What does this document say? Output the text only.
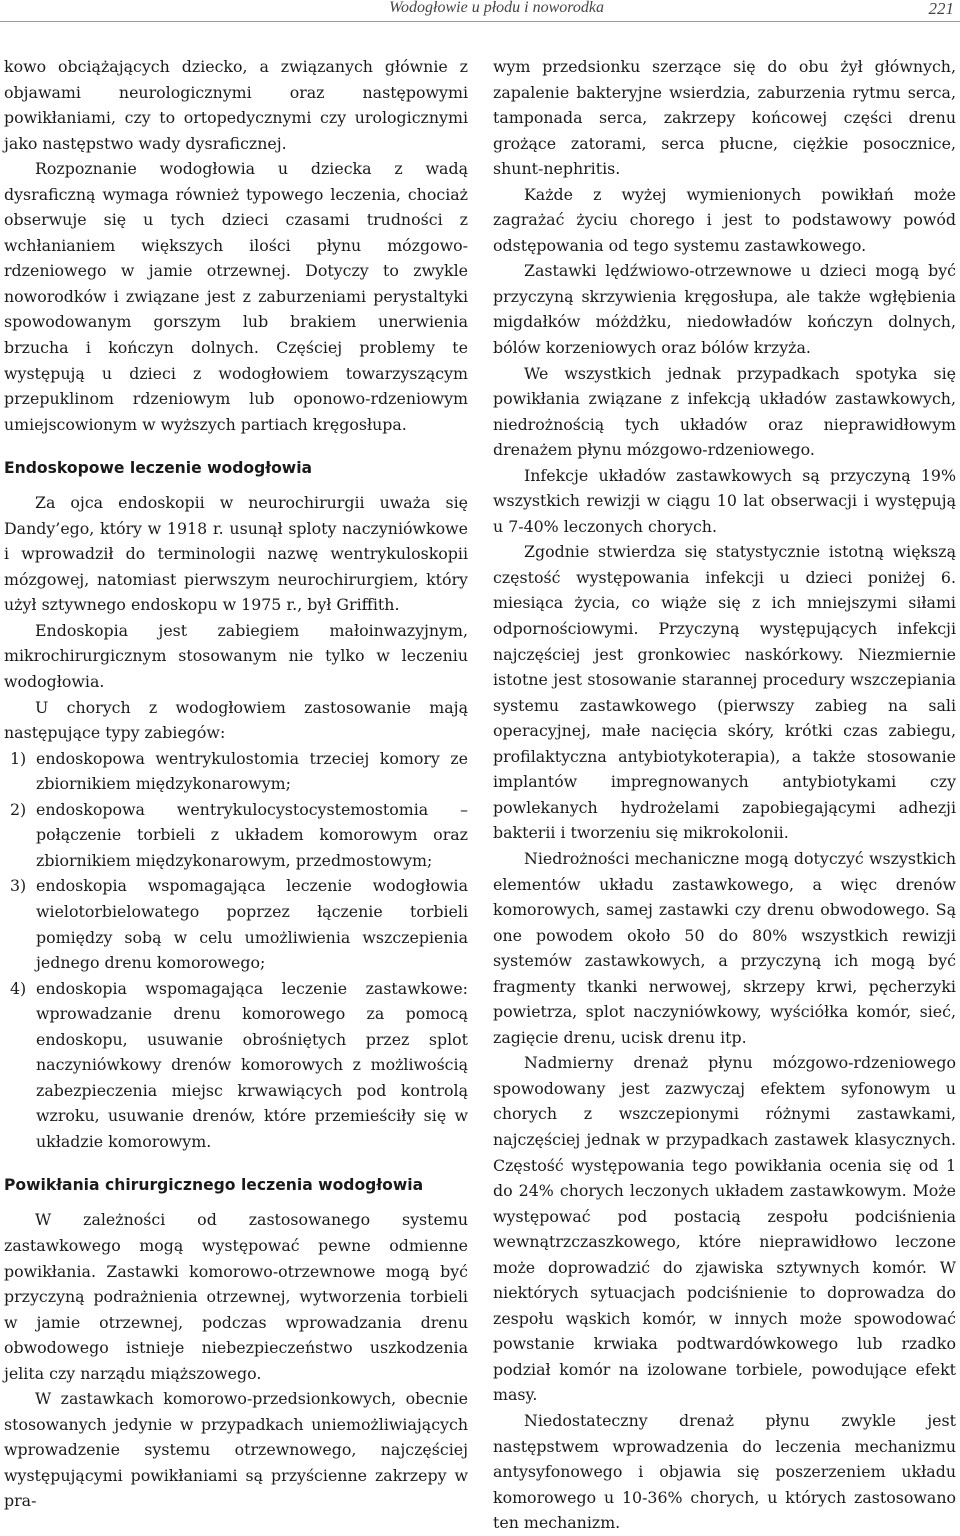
Wodogłowie u płodu i noworodka	221

kowo obciążających dziecko, a związanych głównie z objawami neurologicznymi oraz następowymi powikłaniami, czy to ortopedycznymi czy urologicznymi jako następstwo wady dysraficznej.

Rozpoznanie wodogłowia u dziecka z wadą dysraficzną wymaga również typowego leczenia, chociaż obserwuje się u tych dzieci czasami trudności z wchłanianiem większych ilości płynu mózgowo-rdzeniowego w jamie otrzewnej. Dotyczy to zwykle noworodków i związane jest z zaburzeniami perystaltyki spowodowanym gorszym lub brakiem unerwienia brzucha i kończyn dolnych. Częściej problemy te występują u dzieci z wodogłowiem towarzyszącym przepuklinom rdzeniowym lub oponowo-rdzeniowym umiejscowionym w wyższych partiach kręgosłupa.

Endoskopowe leczenie wodogłowia

Za ojca endoskopii w neurochirurgii uważa się Dandy’ego, który w 1918 r. usunął sploty naczyniówkowe i wprowadził do terminologii nazwę wentrykuloskopii mózgowej, natomiast pierwszym neurochirurgiem, który użył sztywnego endoskopu w 1975 r., był Griffith.

Endoskopia jest zabiegiem małoinwazyjnym, mikrochirurgicznym stosowanym nie tylko w leczeniu wodogłowia.

U chorych z wodogłowiem zastosowanie mają następujące typy zabiegów:

1) endoskopowa wentrykulostomia trzeciej komory ze zbiornikiem międzykonarowym;
2) endoskopowa wentrykulocystocystemostomia – połączenie torbieli z układem komorowym oraz zbiornikiem międzykonarowym, przedmostowym;
3) endoskopia wspomagająca leczenie wodogłowia wielotorbielowatego poprzez łączenie torbieli pomiędzy sobą w celu umożliwienia wszczepienia jednego drenu komorowego;
4) endoskopia wspomagająca leczenie zastawkowe: wprowadzanie drenu komorowego za pomocą endoskopu, usuwanie obrośniętych przez splot naczyniówkowy drenów komorowych z możliwością zabezpieczenia miejsc krwawiących pod kontrolą wzroku, usuwanie drenów, które przemieściły się w układzie komorowym.
Powikłania chirurgicznego leczenia wodogłowia

W zależności od zastosowanego systemu zastawkowego mogą występować pewne odmienne powikłania. Zastawki komorowo-otrzewnowe mogą być przyczyną podrażnienia otrzewnej, wytworzenia torbieli w jamie otrzewnej, podczas wprowadzania drenu obwodowego istnieje niebezpieczeństwo uszkodzenia jelita czy narządu miąższowego.

W zastawkach komorowo-przedsionkowych, obecnie stosowanych jedynie w przypadkach uniemożliwiających wprowadzenie systemu otrzewnowego, najczęściej występującymi powikłaniami są przyścienne zakrzepy w pra-

wym przedsionku szerzące się do obu żył głównych, zapalenie bakteryjne wsierdzia, zaburzenia rytmu serca, tamponada serca, zakrzepy końcowej części drenu grożące zatorami, serca płucne, ciężkie posocznice, shunt-nephritis.

Każde z wyżej wymienionych powikłań może zagrażać życiu chorego i jest to podstawowy powód odstępowania od tego systemu zastawkowego.

Zastawki lędźwiowo-otrzewnowe u dzieci mogą być przyczyną skrzywienia kręgosłupa, ale także wgłębienia migdałków móżdżku, niedowładów kończyn dolnych, bólów korzeniowych oraz bólów krzyża.

We wszystkich jednak przypadkach spotyka się powikłania związane z infekcją układów zastawkowych, niedrożnością tych układów oraz nieprawidłowym drenażem płynu mózgowo-rdzeniowego.

Infekcje układów zastawkowych są przyczyną 19% wszystkich rewizji w ciągu 10 lat obserwacji i występują u 7-40% leczonych chorych.

Zgodnie stwierdza się statystycznie istotną większą częstość występowania infekcji u dzieci poniżej 6. miesiąca życia, co wiąże się z ich mniejszymi siłami odpornościowymi. Przyczyną występujących infekcji najczęściej jest gronkowiec naskórkowy. Niezmiernie istotne jest stosowanie starannej procedury wszczepiania systemu zastawkowego (pierwszy zabieg na sali operacyjnej, małe nacięcia skóry, krótki czas zabiegu, profilaktyczna antybiotykoterapia), a także stosowanie implantów impregnowanych antybiotykami czy powlekanych hydrożelami zapobiegającymi adhezji bakterii i tworzeniu się mikrokolonii.

Niedrożności mechaniczne mogą dotyczyć wszystkich elementów układu zastawkowego, a więc drenów komorowych, samej zastawki czy drenu obwodowego. Są one powodem około 50 do 80% wszystkich rewizji systemów zastawkowych, a przyczyną ich mogą być fragmenty tkanki nerwowej, skrzepy krwi, pęcherzyki powietrza, splot naczyniówkowy, wyściółka komór, sieć, zagięcie drenu, ucisk drenu itp.

Nadmierny drenaż płynu mózgowo-rdzeniowego spowodowany jest zazwyczaj efektem syfonowym u chorych z wszczepionymi różnymi zastawkami, najczęściej jednak w przypadkach zastawek klasycznych. Częstość występowania tego powikłania ocenia się od 1 do 24% chorych leczonych układem zastawkowym. Może występować pod postacią zespołu podciśnienia wewnątrzczaszkowego, które nieprawidłowo leczone może doprowadzić do zjawiska sztywnych komór. W niektórych sytuacjach podciśnienie to doprowadza do zespołu wąskich komór, w innych może spowodować powstanie krwiaka podtwardówkowego lub rzadko podział komór na izolowane torbiele, powodujące efekt masy.

Niedostateczny drenaż płynu zwykle jest następstwem wprowadzenia do leczenia mechanizmu antysyfonowego i objawia się poszerzeniem układu komorowego u 10-36% chorych, u których zastosowano ten mechanizm.
